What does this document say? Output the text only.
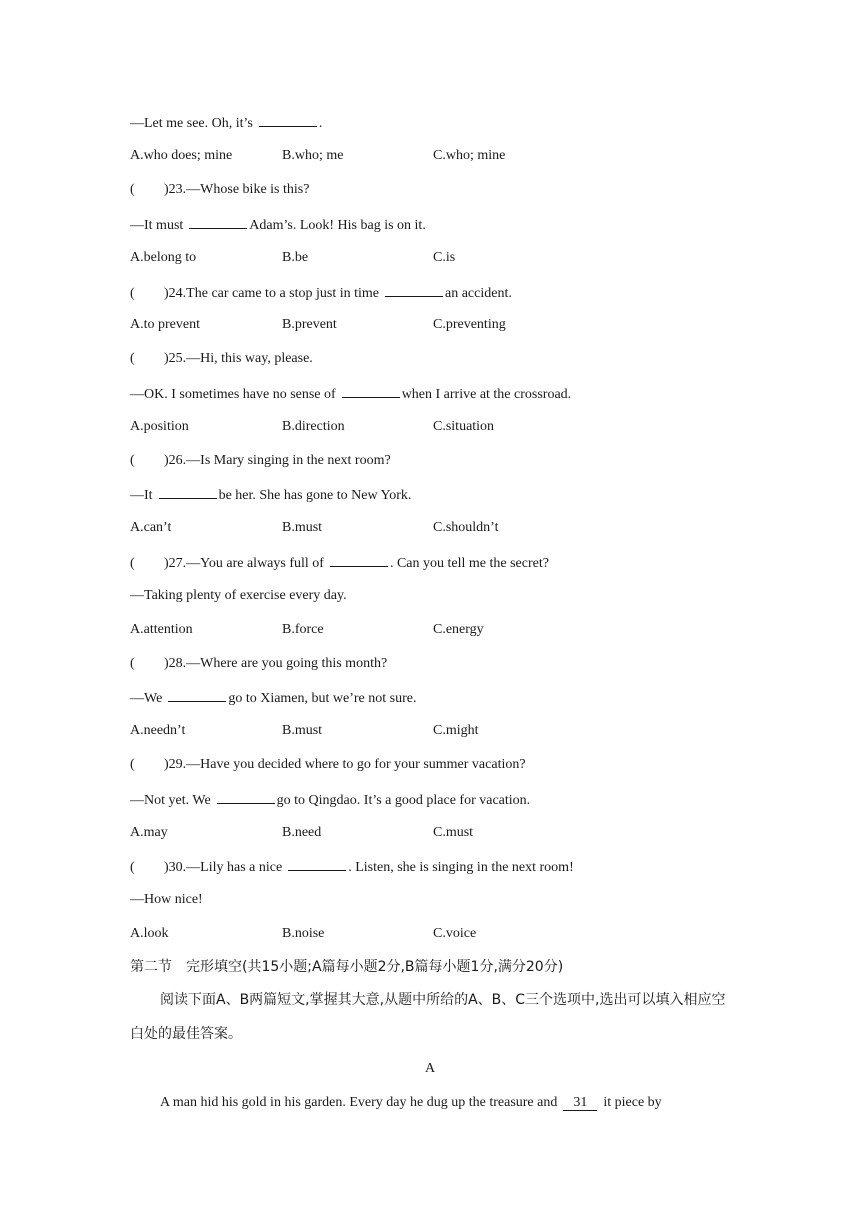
—Let me see. Oh, it’s	.
A.who does; mine	B.who; me	C.who; mine
( )23.—Whose bike is this?
—It must	Adam’s. Look! His bag is on it.
A.belong to	B.be	C.is
( )24.The car came to a stop just in time	an accident.
A.to prevent	B.prevent	C.preventing
( )25.—Hi, this way, please.
—OK. I sometimes have no sense of	when I arrive at the crossroad.
A.position	B.direction	C.situation
( )26.—Is Mary singing in the next room?
—It	be her. She has gone to New York.
A.can’t	B.must	C.shouldn’t
( )27.—You are always full of	. Can you tell me the secret?
—Taking plenty of exercise every day.
A.attention	B.force	C.energy
( )28.—Where are you going this month?
—We	go to Xiamen, but we’re not sure.
A.needn’t	B.must	C.might
( )29.—Have you decided where to go for your summer vacation?
—Not yet. We	go to Qingdao. It’s a good place for vacation.
A.may	B.need	C.must
( )30.—Lily has a nice	. Listen, she is singing in the next room!
—How nice!
A.look	B.noise	C.voice
第二节　完形填空(共15小题;A篇每小题2分,B篇每小题1分,满分20分)
阅读下面A、B两篇短文,掌握其大意,从题中所给的A、B、C三个选项中,选出可以填入相应空白处的最佳答案。
A
A man hid his gold in his garden. Every day he dug up the treasure and 31 it piece by
